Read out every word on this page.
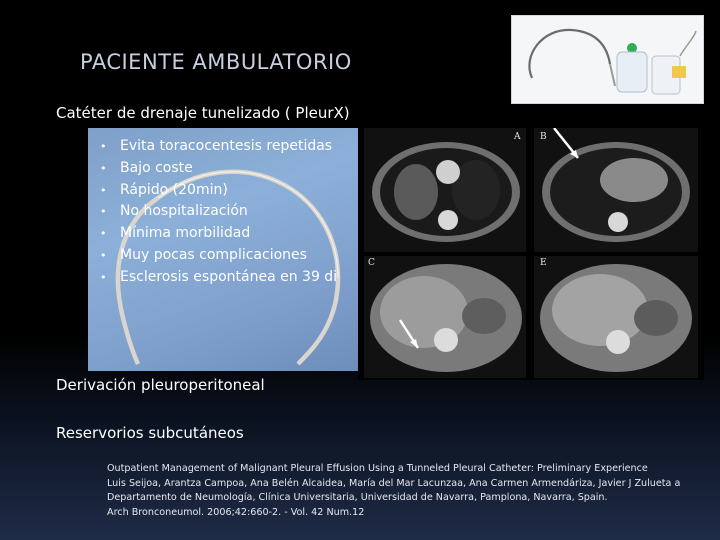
PACIENTE AMBULATORIO
Catéter de drenaje tunelizado ( PleurX)
A B
C	E
• Evita toracocentesis repetidas
• Bajo coste
• Rápido (20min)
• No hospitalización
• Mínima morbilidad
• Muy pocas complicaciones
• Esclerosis espontánea en 39 di
Derivación pleuroperitoneal
Reservorios subcutáneos
Outpatient Management of Malignant Pleural Effusion Using a Tunneled Pleural Catheter: Preliminary Experience
Luis Seijoa, Arantza Campoa, Ana Belén Alcaidea, María del Mar Lacunzaa, Ana Carmen Armendárizа, Javier J Zulueta a
Departamento de Neumología, Clínica Universitaria, Universidad de Navarra, Pamplona, Navarra, Spain.
Arch Bronconeumol. 2006;42:660-2. - Vol. 42 Num.12
